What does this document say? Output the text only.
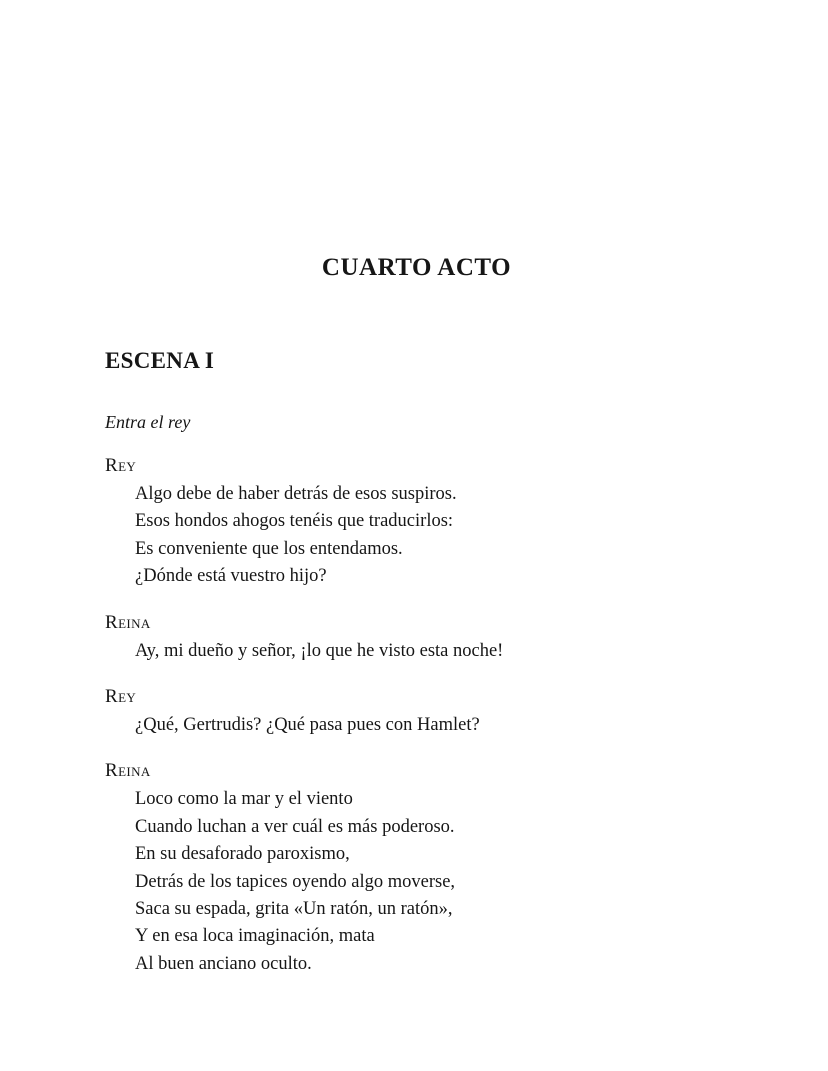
CUARTO ACTO
ESCENA I

Entra el rey

Rey

Algo debe de haber detrás de esos suspiros.

Esos hondos ahogos tenéis que traducirlos:

Es conveniente que los entendamos.

¿Dónde está vuestro hijo?

Reina

Ay, mi dueño y señor, ¡lo que he visto esta noche!

Rey

¿Qué, Gertrudis? ¿Qué pasa pues con Hamlet?

Reina

Loco como la mar y el viento

Cuando luchan a ver cuál es más poderoso.

En su desaforado paroxismo,

Detrás de los tapices oyendo algo moverse,

Saca su espada, grita «Un ratón, un ratón»,

Y en esa loca imaginación, mata

Al buen anciano oculto.
